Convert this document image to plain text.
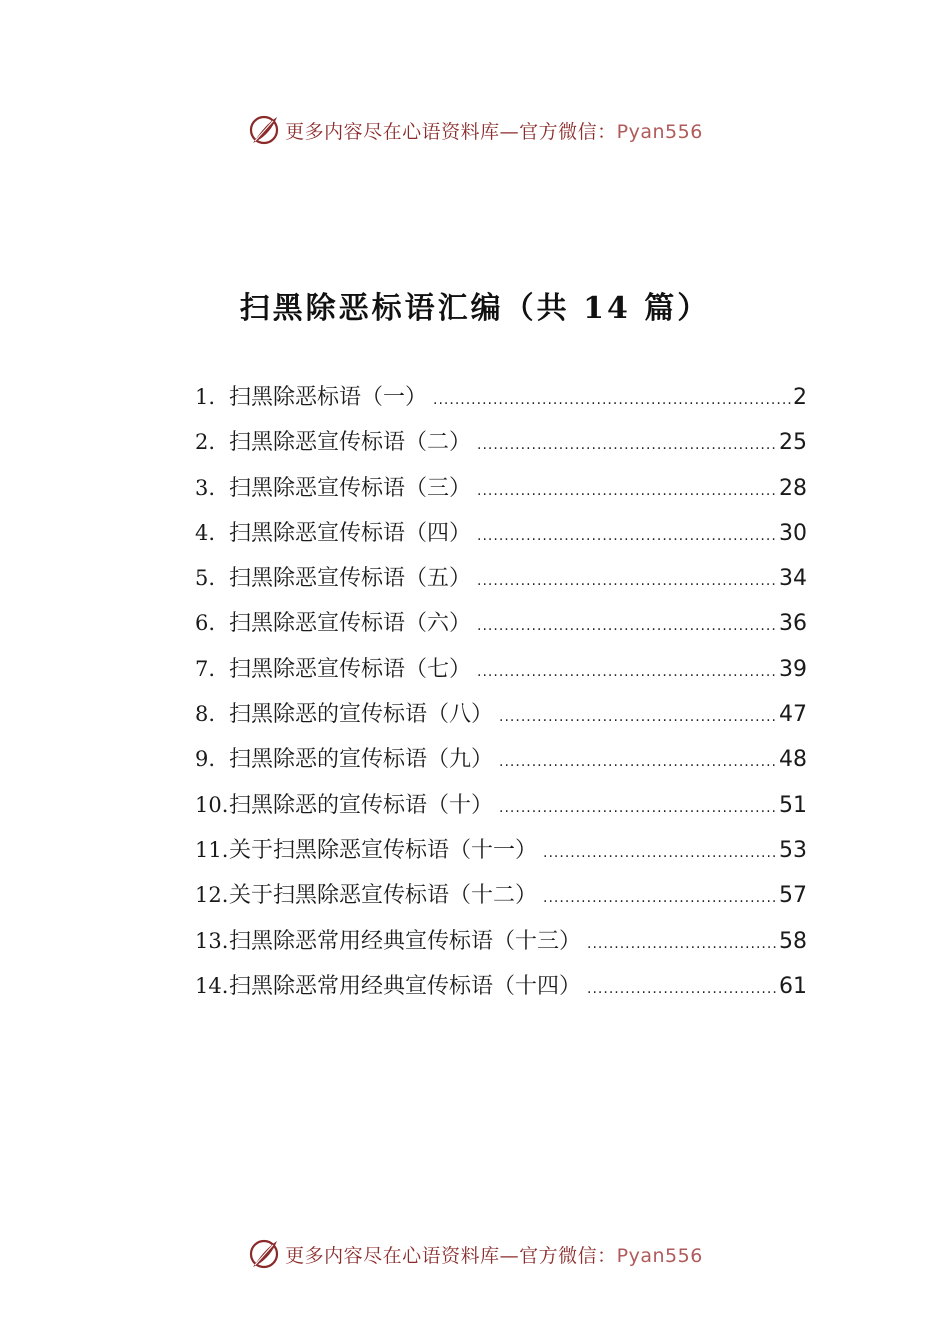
更多内容尽在心语资料库—官方微信：Pyan556
扫黑除恶标语汇编（共 14 篇）
1. 扫黑除恶标语（一） .....	2
2. 扫黑除恶宣传标语（二） .....	25
3. 扫黑除恶宣传标语（三） .....	28
4. 扫黑除恶宣传标语（四） .....	30
5. 扫黑除恶宣传标语（五） .....	34
6. 扫黑除恶宣传标语（六） .....	36
7. 扫黑除恶宣传标语（七） .....	39
8. 扫黑除恶的宣传标语（八） .....	47
9. 扫黑除恶的宣传标语（九） .....	48
10. 扫黑除恶的宣传标语（十） .....	51
11. 关于扫黑除恶宣传标语（十一） .....	53
12. 关于扫黑除恶宣传标语（十二） .....	57
13. 扫黑除恶常用经典宣传标语（十三） .....	58
14. 扫黑除恶常用经典宣传标语（十四） .....	61
更多内容尽在心语资料库—官方微信：Pyan556
